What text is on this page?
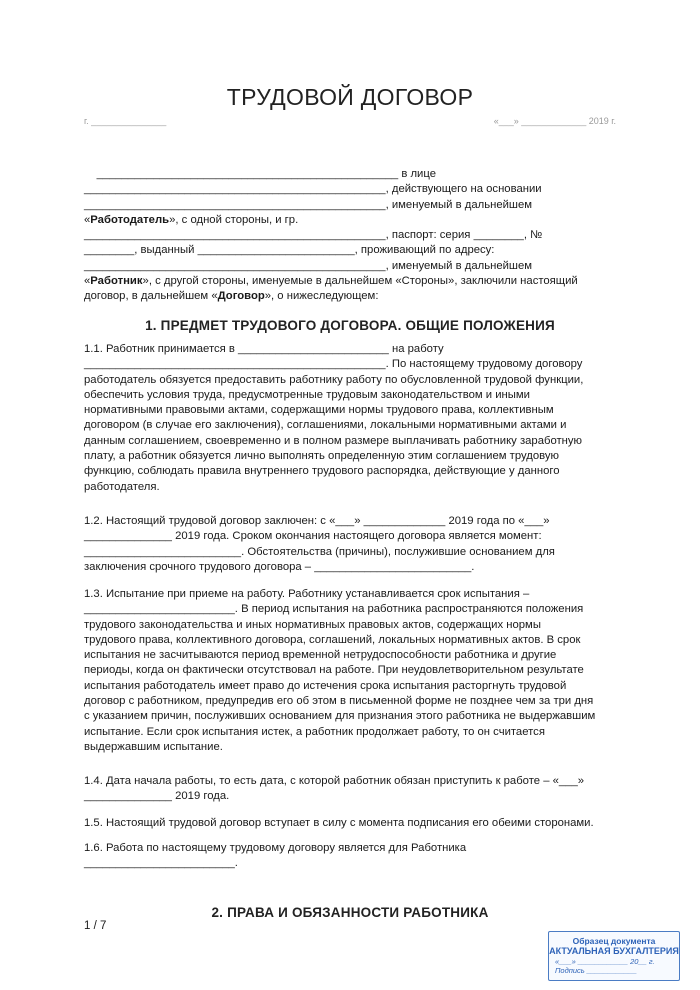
ТРУДОВОЙ ДОГОВОР
г. _______________	«___» _____________ 2019 г.
________________________________________________ в лице
________________________________________________, действующего на основании
________________________________________________, именуемый в дальнейшем
«Работодатель», с одной стороны, и гр.
________________________________________________, паспорт: серия ________, №
________, выданный _________________________, проживающий по адресу:
________________________________________________, именуемый в дальнейшем
«Работник», с другой стороны, именуемые в дальнейшем «Стороны», заключили настоящий
договор, в дальнейшем «Договор», о нижеследующем:
1. ПРЕДМЕТ ТРУДОВОГО ДОГОВОРА. ОБЩИЕ ПОЛОЖЕНИЯ
1.1. Работник принимается в ________________________ на работу
________________________________________________. По настоящему трудовому договору
работодатель обязуется предоставить работнику работу по обусловленной трудовой функции,
обеспечить условия труда, предусмотренные трудовым законодательством и иными
нормативными правовыми актами, содержащими нормы трудового права, коллективным
договором (в случае его заключения), соглашениями, локальными нормативными актами и
данным соглашением, своевременно и в полном размере выплачивать работнику заработную
плату, а работник обязуется лично выполнять определенную этим соглашением трудовую
функцию, соблюдать правила внутреннего трудового распорядка, действующие у данного
работодателя.
1.2. Настоящий трудовой договор заключен: с «___» _____________ 2019 года по «___»
______________ 2019 года. Сроком окончания настоящего договора является момент:
_________________________. Обстоятельства (причины), послужившие основанием для
заключения срочного трудового договора – _________________________.
1.3. Испытание при приеме на работу. Работнику устанавливается срок испытания –
________________________. В период испытания на работника распространяются положения
трудового законодательства и иных нормативных правовых актов, содержащих нормы
трудового права, коллективного договора, соглашений, локальных нормативных актов. В срок
испытания не засчитываются период временной нетрудоспособности работника и другие
периоды, когда он фактически отсутствовал на работе. При неудовлетворительном результате
испытания работодатель имеет право до истечения срока испытания расторгнуть трудовой
договор с работником, предупредив его об этом в письменной форме не позднее чем за три дня
с указанием причин, послуживших основанием для признания этого работника не выдержавшим
испытание. Если срок испытания истек, а работник продолжает работу, то он считается
выдержавшим испытание.
1.4. Дата начала работы, то есть дата, с которой работник обязан приступить к работе – «___»
______________ 2019 года.
1.5. Настоящий трудовой договор вступает в силу с момента подписания его обеими сторонами.
1.6. Работа по настоящему трудовому договору является для Работника
________________________.
2. ПРАВА И ОБЯЗАННОСТИ РАБОТНИКА
1 / 7
Образец документа
АКТУАЛЬНАЯ БУХГАЛТЕРИЯ
«___» ____________ 20__ г.
Подпись ____________
